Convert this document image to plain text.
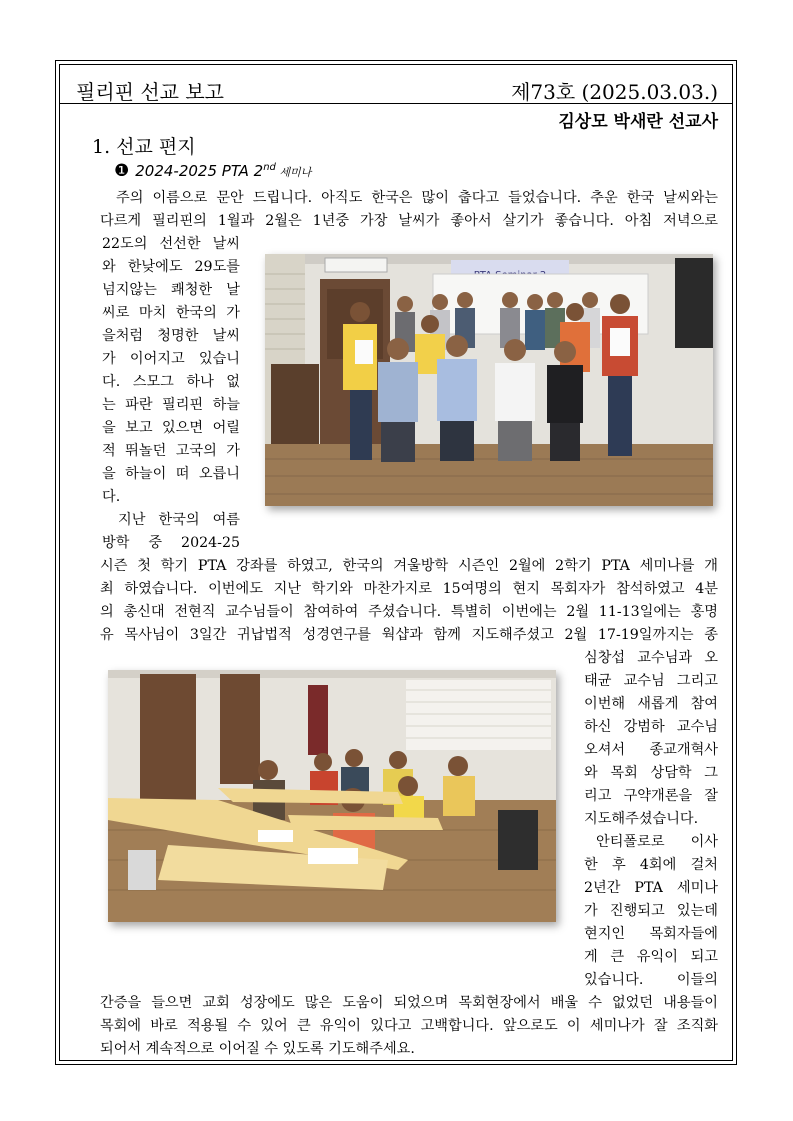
필리핀 선교 보고	제73호 (2025.03.03.)
김상모 박새란 선교사
1. 선교 편지
❶ 2024-2025 PTA 2nd 세미나
주의 이름으로 문안 드립니다. 아직도 한국은 많이 춥다고 들었습니다. 추운 한국 날씨와는
다르게 필리핀의 1월과 2월은 1년중 가장 날씨가 좋아서 살기가 좋습니다. 아침 저녁으로
22도의 선선한 날씨
와 한낮에도 29도를
넘지않는 쾌청한 날
씨로 마치 한국의 가
을처럼 청명한 날씨
가 이어지고 있습니
다. 스모그 하나 없
는 파란 필리핀 하늘
을 보고 있으면 어릴
적 뛰놀던 고국의 가
을 하늘이 떠 오릅니
다.
지난 한국의 여름
방학 중 2024-25
시즌 첫 학기 PTA 강좌를 하였고, 한국의 겨울방학 시즌인 2월에 2학기 PTA 세미나를 개
최 하였습니다. 이번에도 지난 학기와 마찬가지로 15여명의 현지 목회자가 참석하였고 4분
의 총신대 전현직 교수님들이 참여하여 주셨습니다. 특별히 이번에는 2월 11-13일에는 홍명
유 목사님이 3일간 귀납법적 성경연구를 웍샵과 함께 지도해주셨고 2월 17-19일까지는 종
심창섭 교수님과 오
태균 교수님 그리고
이번해 새롭게 참여
하신 강범하 교수님
오셔서 종교개혁사
와 목회 상담학 그
리고 구약개론을 잘
지도해주셨습니다.
안티폴로로 이사
한 후 4회에 걸처
2년간 PTA 세미나
가 진행되고 있는데
현지인 목회자들에
게 큰 유익이 되고
있습니다. 이들의
간증을 들으면 교회 성장에도 많은 도움이 되었으며 목회현장에서 배울 수 없었던 내용들이
목회에 바로 적용될 수 있어 큰 유익이 있다고 고백합니다. 앞으로도 이 세미나가 잘 조직화
되어서 계속적으로 이어질 수 있도록 기도해주세요.
